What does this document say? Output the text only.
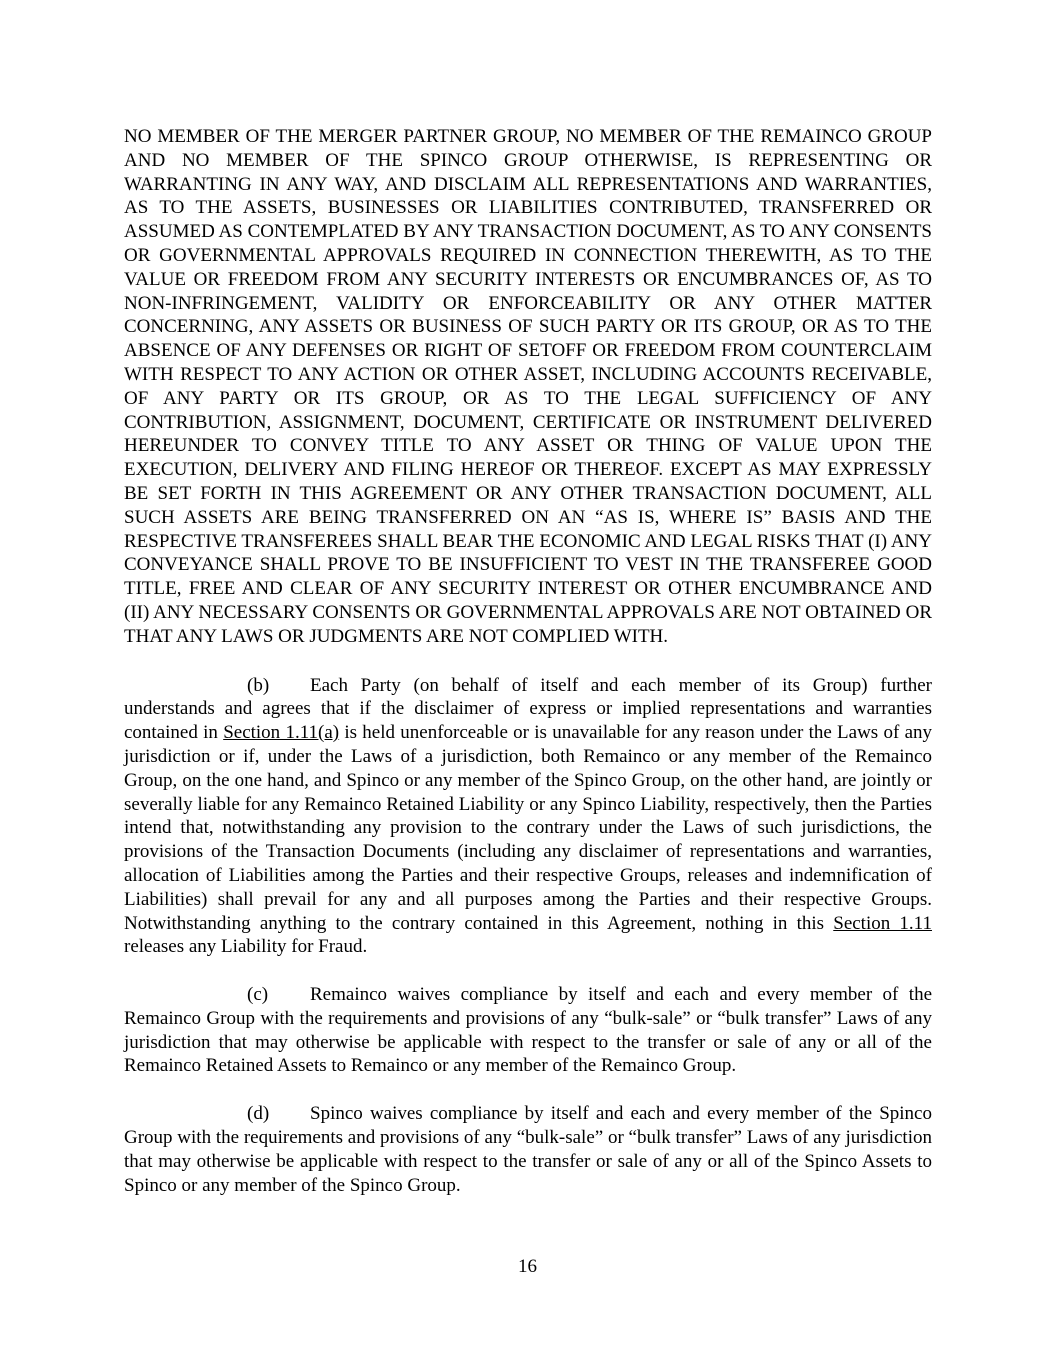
NO MEMBER OF THE MERGER PARTNER GROUP, NO MEMBER OF THE REMAINCO GROUP AND NO MEMBER OF THE SPINCO GROUP OTHERWISE, IS REPRESENTING OR WARRANTING IN ANY WAY, AND DISCLAIM ALL REPRESENTATIONS AND WARRANTIES, AS TO THE ASSETS, BUSINESSES OR LIABILITIES CONTRIBUTED, TRANSFERRED OR ASSUMED AS CONTEMPLATED BY ANY TRANSACTION DOCUMENT, AS TO ANY CONSENTS OR GOVERNMENTAL APPROVALS REQUIRED IN CONNECTION THEREWITH, AS TO THE VALUE OR FREEDOM FROM ANY SECURITY INTERESTS OR ENCUMBRANCES OF, AS TO NON-INFRINGEMENT, VALIDITY OR ENFORCEABILITY OR ANY OTHER MATTER CONCERNING, ANY ASSETS OR BUSINESS OF SUCH PARTY OR ITS GROUP, OR AS TO THE ABSENCE OF ANY DEFENSES OR RIGHT OF SETOFF OR FREEDOM FROM COUNTERCLAIM WITH RESPECT TO ANY ACTION OR OTHER ASSET, INCLUDING ACCOUNTS RECEIVABLE, OF ANY PARTY OR ITS GROUP, OR AS TO THE LEGAL SUFFICIENCY OF ANY CONTRIBUTION, ASSIGNMENT, DOCUMENT, CERTIFICATE OR INSTRUMENT DELIVERED HEREUNDER TO CONVEY TITLE TO ANY ASSET OR THING OF VALUE UPON THE EXECUTION, DELIVERY AND FILING HEREOF OR THEREOF. EXCEPT AS MAY EXPRESSLY BE SET FORTH IN THIS AGREEMENT OR ANY OTHER TRANSACTION DOCUMENT, ALL SUCH ASSETS ARE BEING TRANSFERRED ON AN “AS IS, WHERE IS” BASIS AND THE RESPECTIVE TRANSFEREES SHALL BEAR THE ECONOMIC AND LEGAL RISKS THAT (I) ANY CONVEYANCE SHALL PROVE TO BE INSUFFICIENT TO VEST IN THE TRANSFEREE GOOD TITLE, FREE AND CLEAR OF ANY SECURITY INTEREST OR OTHER ENCUMBRANCE AND (II) ANY NECESSARY CONSENTS OR GOVERNMENTAL APPROVALS ARE NOT OBTAINED OR THAT ANY LAWS OR JUDGMENTS ARE NOT COMPLIED WITH.

(b) Each Party (on behalf of itself and each member of its Group) further understands and agrees that if the disclaimer of express or implied representations and warranties contained in Section 1.11(a) is held unenforceable or is unavailable for any reason under the Laws of any jurisdiction or if, under the Laws of a jurisdiction, both Remainco or any member of the Remainco Group, on the one hand, and Spinco or any member of the Spinco Group, on the other hand, are jointly or severally liable for any Remainco Retained Liability or any Spinco Liability, respectively, then the Parties intend that, notwithstanding any provision to the contrary under the Laws of such jurisdictions, the provisions of the Transaction Documents (including any disclaimer of representations and warranties, allocation of Liabilities among the Parties and their respective Groups, releases and indemnification of Liabilities) shall prevail for any and all purposes among the Parties and their respective Groups. Notwithstanding anything to the contrary contained in this Agreement, nothing in this Section 1.11 releases any Liability for Fraud.

(c) Remainco waives compliance by itself and each and every member of the Remainco Group with the requirements and provisions of any “bulk-sale” or “bulk transfer” Laws of any jurisdiction that may otherwise be applicable with respect to the transfer or sale of any or all of the Remainco Retained Assets to Remainco or any member of the Remainco Group.

(d) Spinco waives compliance by itself and each and every member of the Spinco Group with the requirements and provisions of any “bulk-sale” or “bulk transfer” Laws of any jurisdiction that may otherwise be applicable with respect to the transfer or sale of any or all of the Spinco Assets to Spinco or any member of the Spinco Group.

16
